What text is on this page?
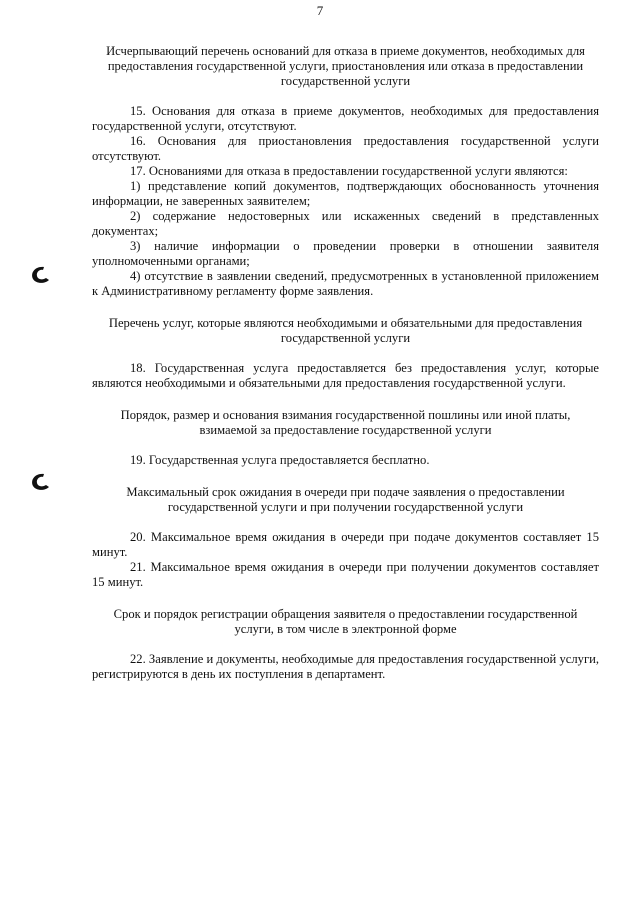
7
Исчерпывающий перечень оснований для отказа в приеме документов, необходимых для предоставления государственной услуги, приостановления или отказа в предоставлении государственной услуги

15. Основания для отказа в приеме документов, необходимых для предоставления государственной услуги, отсутствуют.

16. Основания для приостановления предоставления государственной услуги отсутствуют.

17. Основаниями для отказа в предоставлении государственной услуги являются:

1) представление копий документов, подтверждающих обоснованность уточнения информации, не заверенных заявителем;

2) содержание недостоверных или искаженных сведений в представленных документах;

3) наличие информации о проведении проверки в отношении заявителя уполномоченными органами;

4) отсутствие в заявлении сведений, предусмотренных в установленной приложением к Административному регламенту форме заявления.

Перечень услуг, которые являются необходимыми и обязательными для предоставления государственной услуги

18. Государственная услуга предоставляется без предоставления услуг, которые являются необходимыми и обязательными для предоставления государственной услуги.

Порядок, размер и основания взимания государственной пошлины или иной платы, взимаемой за предоставление государственной услуги

19. Государственная услуга предоставляется бесплатно.

Максимальный срок ожидания в очереди при подаче заявления о предоставлении государственной услуги и при получении государственной услуги

20. Максимальное время ожидания в очереди при подаче документов составляет 15 минут.

21. Максимальное время ожидания в очереди при получении документов составляет 15 минут.

Срок и порядок регистрации обращения заявителя о предоставлении государственной услуги, в том числе в электронной форме

22. Заявление и документы, необходимые для предоставления государственной услуги, регистрируются в день их поступления в департамент.
